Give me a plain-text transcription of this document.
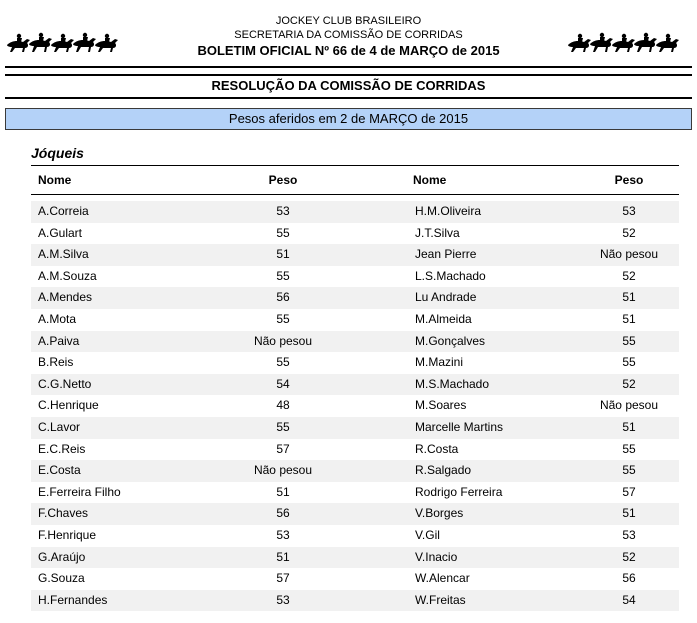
JOCKEY CLUB BRASILEIRO
SECRETARIA DA COMISSÃO DE CORRIDAS
BOLETIM OFICIAL Nº 66 de 4 de MARÇO de 2015
RESOLUÇÃO DA COMISSÃO DE CORRIDAS
Pesos aferidos em 2 de MARÇO de 2015
Jóqueis
Nome	Peso	Nome	Peso
A.Correia	53	H.M.Oliveira	53
A.Gulart	55	J.T.Silva	52
A.M.Silva	51	Jean Pierre	Não pesou
A.M.Souza	55	L.S.Machado	52
A.Mendes	56	Lu Andrade	51
A.Mota	55	M.Almeida	51
A.Paiva	Não pesou	M.Gonçalves	55
B.Reis	55	M.Mazini	55
C.G.Netto	54	M.S.Machado	52
C.Henrique	48	M.Soares	Não pesou
C.Lavor	55	Marcelle Martins	51
E.C.Reis	57	R.Costa	55
E.Costa	Não pesou	R.Salgado	55
E.Ferreira Filho	51	Rodrigo Ferreira	57
F.Chaves	56	V.Borges	51
F.Henrique	53	V.Gil	53
G.Araújo	51	V.Inacio	52
G.Souza	57	W.Alencar	56
H.Fernandes	53	W.Freitas	54
